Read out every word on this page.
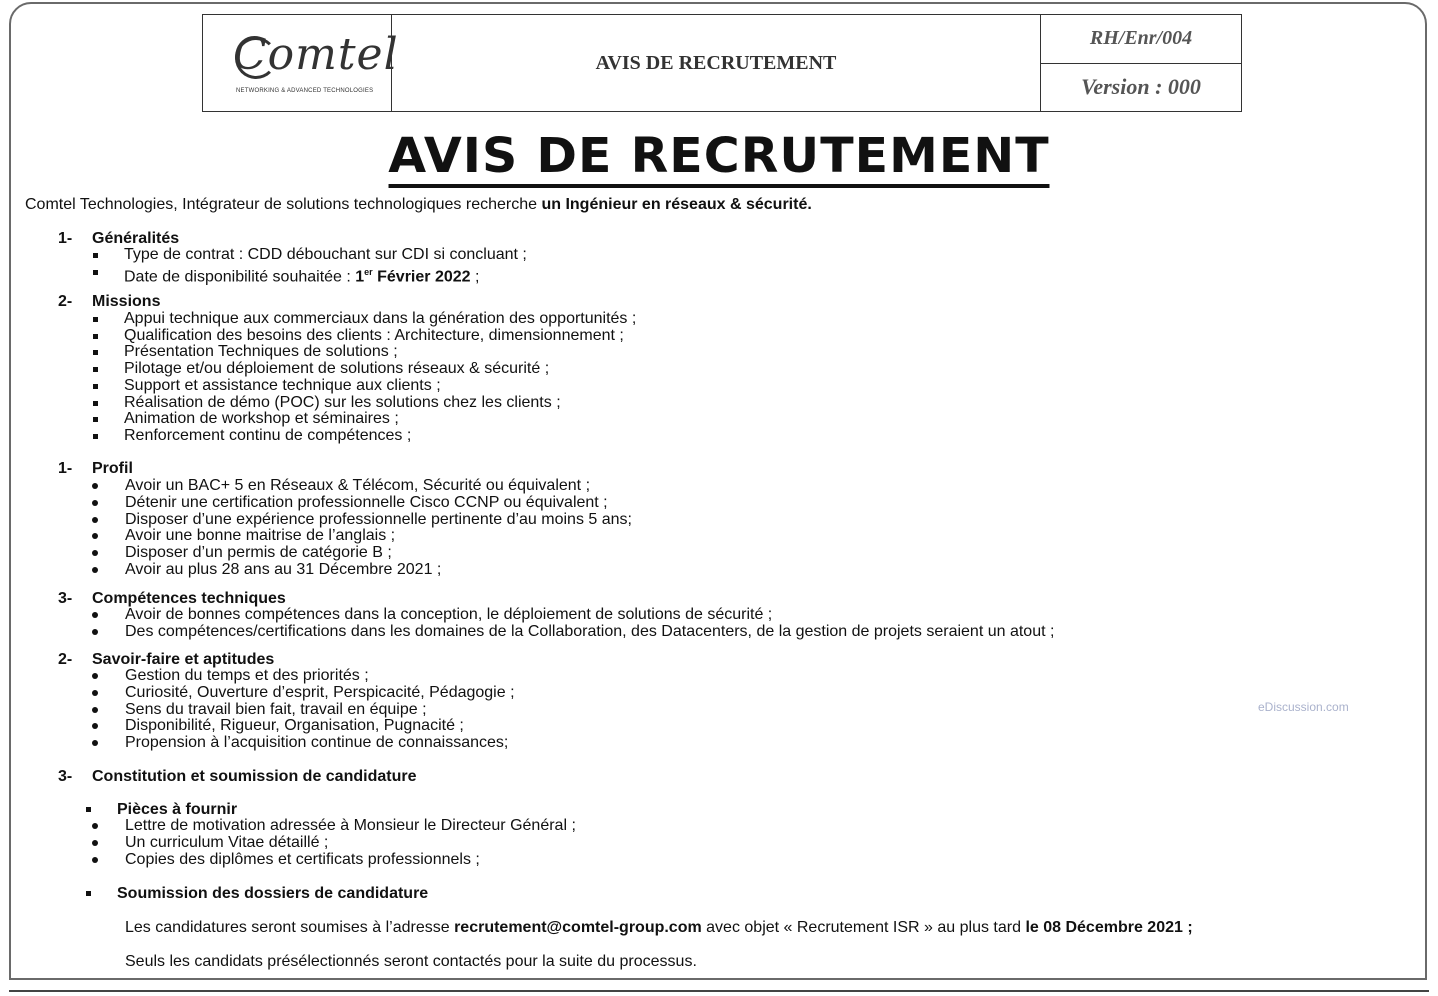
Comtel
NETWORKING & ADVANCED TECHNOLOGIES
AVIS DE RECRUTEMENT
RH/Enr/004
Version : 000
AVIS DE RECRUTEMENT
Comtel Technologies, Intégrateur de solutions technologiques recherche un Ingénieur en réseaux & sécurité.
1- Généralités
Type de contrat : CDD débouchant sur CDI si concluant ;
Date de disponibilité souhaitée : 1er Février 2022 ;
2- Missions
Appui technique aux commerciaux dans la génération des opportunités ;
Qualification des besoins des clients : Architecture, dimensionnement ;
Présentation Techniques de solutions ;
Pilotage et/ou déploiement de solutions réseaux & sécurité ;
Support et assistance technique aux clients ;
Réalisation de démo (POC) sur les solutions chez les clients ;
Animation de workshop et séminaires ;
Renforcement continu de compétences ;
1- Profil
Avoir un BAC+ 5 en Réseaux & Télécom, Sécurité ou équivalent ;
Détenir une certification professionnelle Cisco CCNP ou équivalent ;
Disposer d’une expérience professionnelle pertinente d’au moins 5 ans;
Avoir une bonne maitrise de l’anglais ;
Disposer d’un permis de catégorie B ;
Avoir au plus 28 ans au 31 Décembre 2021 ;
3- Compétences techniques
Avoir de bonnes compétences dans la conception, le déploiement de solutions de sécurité ;
Des compétences/certifications dans les domaines de la Collaboration, des Datacenters, de la gestion de projets seraient un atout ;
2- Savoir-faire et aptitudes
Gestion du temps et des priorités ;
Curiosité, Ouverture d’esprit, Perspicacité, Pédagogie ;
Sens du travail bien fait, travail en équipe ;
Disponibilité, Rigueur, Organisation, Pugnacité ;
Propension à l’acquisition continue de connaissances;
3- Constitution et soumission de candidature
Pièces à fournir
Lettre de motivation adressée à Monsieur le Directeur Général ;
Un curriculum Vitae détaillé ;
Copies des diplômes et certificats professionnels ;
Soumission des dossiers de candidature
Les candidatures seront soumises à l’adresse recrutement@comtel-group.com avec objet « Recrutement ISR » au plus tard le 08 Décembre 2021 ;
Seuls les candidats présélectionnés seront contactés pour la suite du processus.
eDiscussion.com
